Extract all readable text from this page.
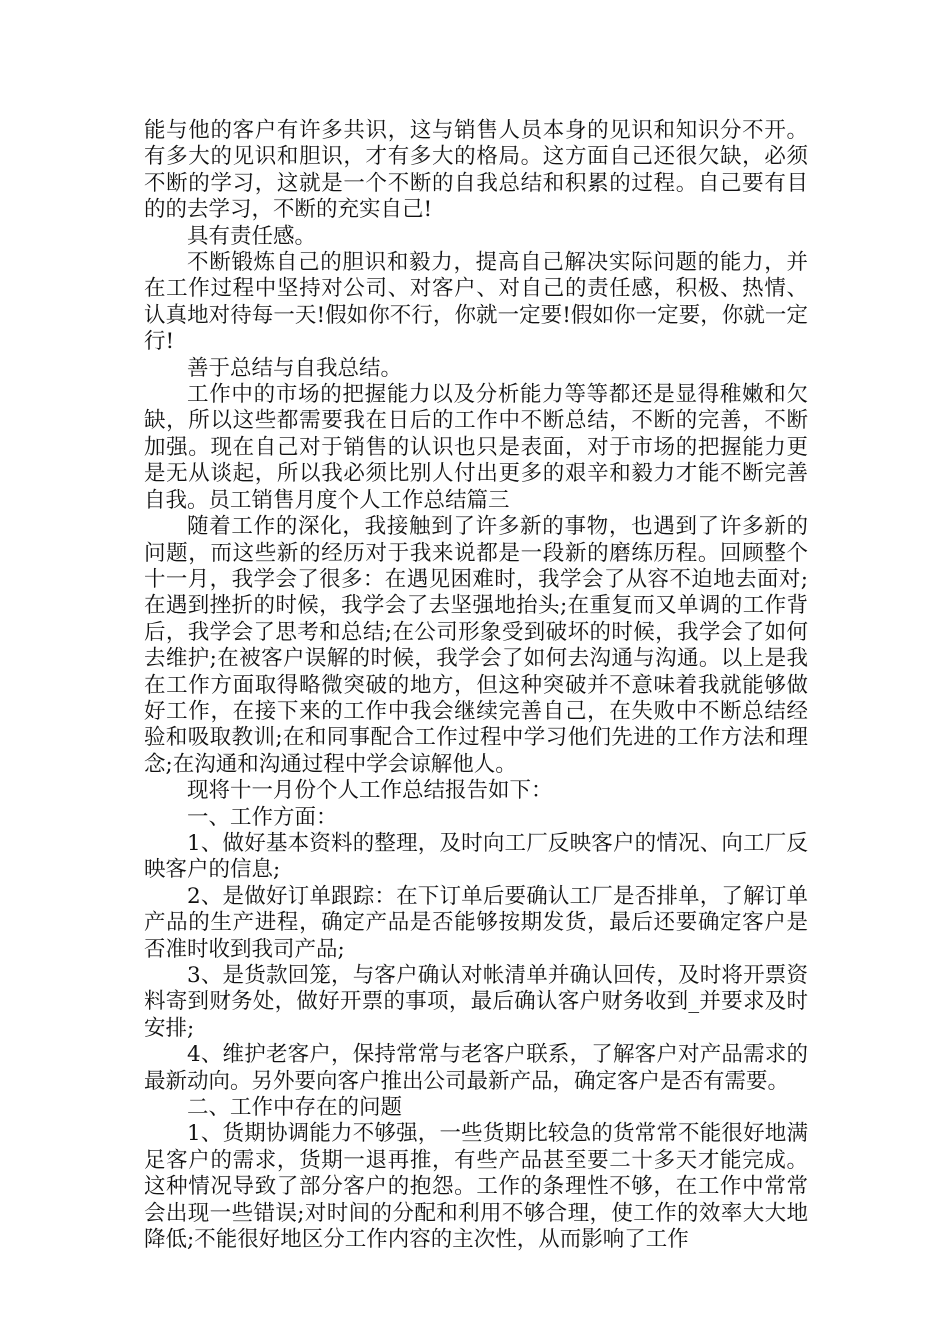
能与他的客户有许多共识，这与销售人员本身的见识和知识分不开。有多大的见识和胆识，才有多大的格局。这方面自己还很欠缺，必须不断的学习，这就是一个不断的自我总结和积累的过程。自己要有目的的去学习，不断的充实自己!

具有责任感。

不断锻炼自己的胆识和毅力，提高自己解决实际问题的能力，并在工作过程中坚持对公司、对客户、对自己的责任感，积极、热情、认真地对待每一天!假如你不行，你就一定要!假如你一定要，你就一定行!

善于总结与自我总结。

工作中的市场的把握能力以及分析能力等等都还是显得稚嫩和欠缺，所以这些都需要我在日后的工作中不断总结，不断的完善，不断加强。现在自己对于销售的认识也只是表面，对于市场的把握能力更是无从谈起，所以我必须比别人付出更多的艰辛和毅力才能不断完善自我。员工销售月度个人工作总结篇三

随着工作的深化，我接触到了许多新的事物，也遇到了许多新的问题，而这些新的经历对于我来说都是一段新的磨练历程。回顾整个十一月，我学会了很多：在遇见困难时，我学会了从容不迫地去面对;在遇到挫折的时候，我学会了去坚强地抬头;在重复而又单调的工作背后，我学会了思考和总结;在公司形象受到破坏的时候，我学会了如何去维护;在被客户误解的时候，我学会了如何去沟通与沟通。以上是我在工作方面取得略微突破的地方，但这种突破并不意味着我就能够做好工作，在接下来的工作中我会继续完善自己，在失败中不断总结经验和吸取教训;在和同事配合工作过程中学习他们先进的工作方法和理念;在沟通和沟通过程中学会谅解他人。

现将十一月份个人工作总结报告如下：

一、工作方面：

1、做好基本资料的整理，及时向工厂反映客户的情况、向工厂反映客户的信息;

2、是做好订单跟踪：在下订单后要确认工厂是否排单，了解订单产品的生产进程，确定产品是否能够按期发货，最后还要确定客户是否准时收到我司产品;

3、是货款回笼，与客户确认对帐清单并确认回传，及时将开票资料寄到财务处，做好开票的事项，最后确认客户财务收到_并要求及时安排;

4、维护老客户，保持常常与老客户联系，了解客户对产品需求的最新动向。另外要向客户推出公司最新产品，确定客户是否有需要。

二、工作中存在的问题

1、货期协调能力不够强，一些货期比较急的货常常不能很好地满足客户的需求，货期一退再推，有些产品甚至要二十多天才能完成。这种情况导致了部分客户的抱怨。工作的条理性不够，在工作中常常会出现一些错误;对时间的分配和利用不够合理，使工作的效率大大地降低;不能很好地区分工作内容的主次性，从而影响了工作
